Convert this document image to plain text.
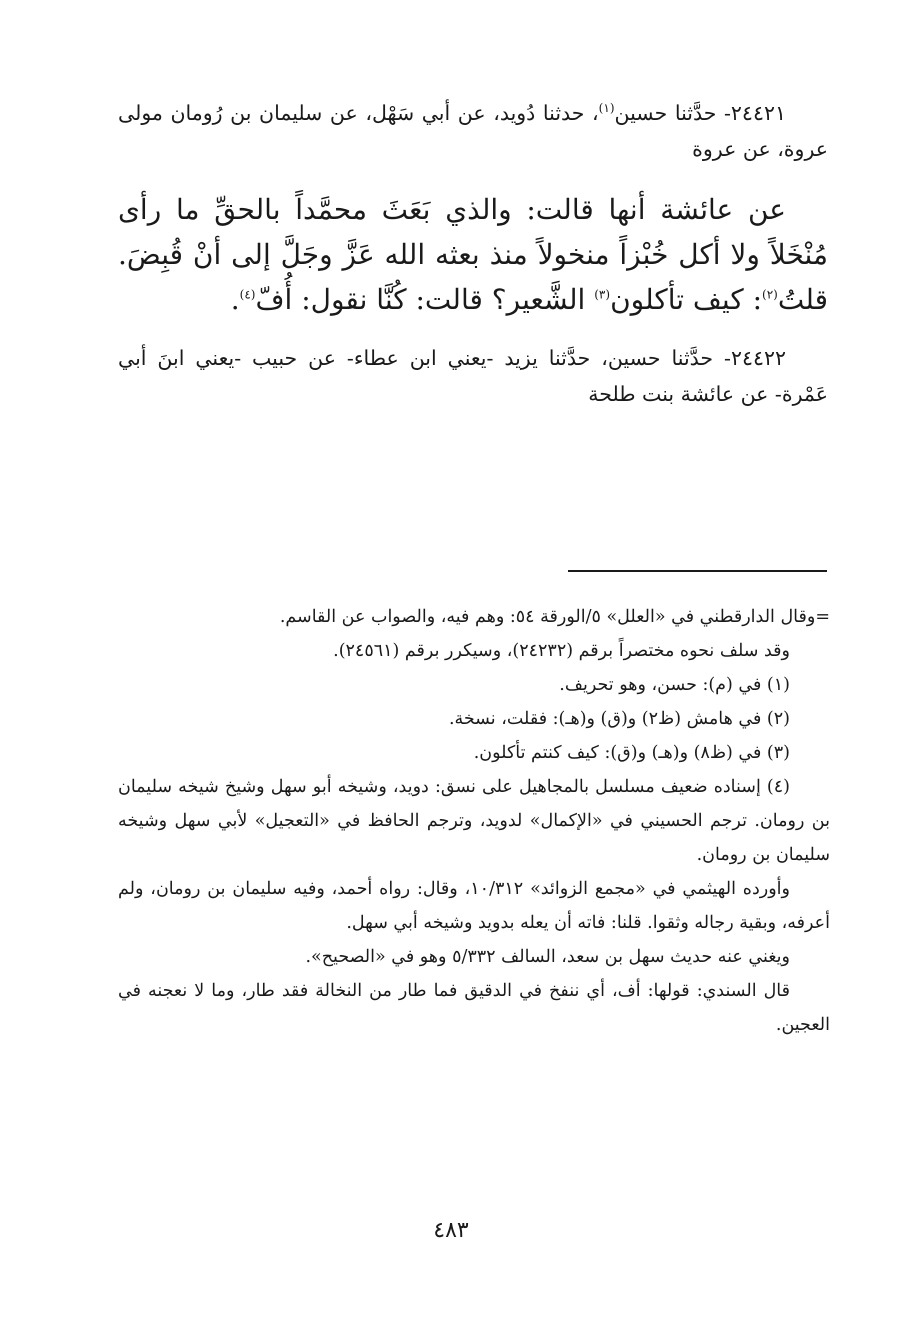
٢٤٤٢١- حدَّثنا حسين$^{(١)}$، حدثنا دُويد، عن أبي سَهْل، عن سليمان بن رُومان مولى عروة، عن عروة

عن عائشة أنها قالت: والذي بَعَثَ محمَّداً بالحقِّ ما رأى مُنْخَلاً ولا أكل خُبْزاً منخولاً منذ بعثه الله عَزَّ وجَلَّ إلى أنْ قُبِضَ. قلتُ$^{(٢)}$: كيف تأكلون$^{(٣)}$ الشَّعير؟ قالت: كُنَّا نقول: أُفّ$^{(٤)}$.

٢٤٤٢٢- حدَّثنا حسين، حدَّثنا يزيد -يعني ابن عطاء- عن حبيب -يعني ابنَ أبي عَمْرة- عن عائشة بنت طلحة

=وقال الدارقطني في «العلل» ٥/الورقة ٥٤: وهم فيه، والصواب عن القاسم.

وقد سلف نحوه مختصراً برقم (٢٤٢٣٢)، وسيكرر برقم (٢٤٥٦١).

(١) في (م): حسن، وهو تحريف.

(٢) في هامش (ظ٢) و(ق) و(هـ): فقلت، نسخة.

(٣) في (ظ٨) و(هـ) و(ق): كيف كنتم تأكلون.

(٤) إسناده ضعيف مسلسل بالمجاهيل على نسق: دويد، وشيخه أبو سهل وشيخ شيخه سليمان بن رومان. ترجم الحسيني في «الإكمال» لدويد، وترجم الحافظ في «التعجيل» لأبي سهل وشيخه سليمان بن رومان.

وأورده الهيثمي في «مجمع الزوائد» ١٠/٣١٢، وقال: رواه أحمد، وفيه سليمان بن رومان، ولم أعرفه، وبقية رجاله وثقوا. قلنا: فاته أن يعله بدويد وشيخه أبي سهل.

ويغني عنه حديث سهل بن سعد، السالف ٥/٣٣٢ وهو في «الصحيح».

قال السندي: قولها: أف، أي ننفخ في الدقيق فما طار من النخالة فقد طار، وما لا نعجنه في العجين.

٤٨٣
